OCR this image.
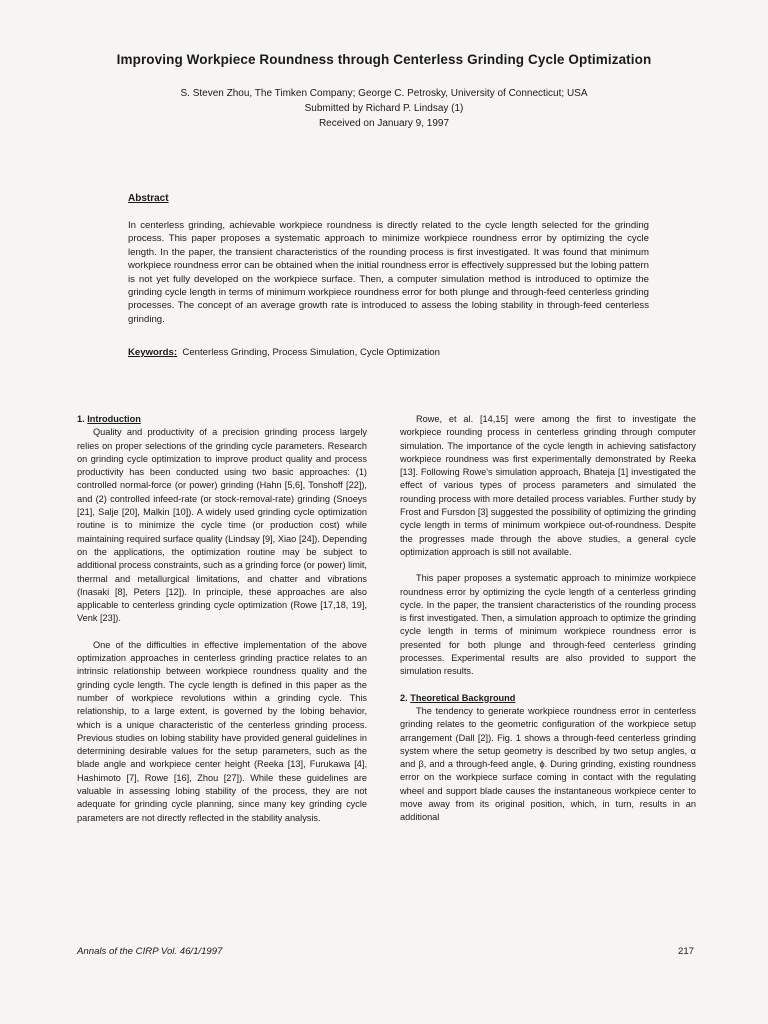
Improving Workpiece Roundness through Centerless Grinding Cycle Optimization
S. Steven Zhou, The Timken Company; George C. Petrosky, University of Connecticut; USA
Submitted by Richard P. Lindsay (1)
Received on January 9, 1997
Abstract
In centerless grinding, achievable workpiece roundness is directly related to the cycle length selected for the grinding process. This paper proposes a systematic approach to minimize workpiece roundness error by optimizing the cycle length. In the paper, the transient characteristics of the rounding process is first investigated. It was found that minimum workpiece roundness error can be obtained when the initial roundness error is effectively suppressed but the lobing pattern is not yet fully developed on the workpiece surface. Then, a computer simulation method is introduced to optimize the grinding cycle length in terms of minimum workpiece roundness error for both plunge and through-feed centerless grinding processes. The concept of an average growth rate is introduced to assess the lobing stability in through-feed centerless grinding.
Keywords: Centerless Grinding, Process Simulation, Cycle Optimization

1. Introduction

Quality and productivity of a precision grinding process largely relies on proper selections of the grinding cycle parameters. Research on grinding cycle optimization to improve product quality and process productivity has been conducted using two basic approaches: (1) controlled normal-force (or power) grinding (Hahn [5,6], Tonshoff [22]), and (2) controlled infeed-rate (or stock-removal-rate) grinding (Snoeys [21], Salje [20], Malkin [10]). A widely used grinding cycle optimization routine is to minimize the cycle time (or production cost) while maintaining required surface quality (Lindsay [9], Xiao [24]). Depending on the applications, the optimization routine may be subject to additional process constraints, such as a grinding force (or power) limit, thermal and metallurgical limitations, and chatter and vibrations (Inasaki [8], Peters [12]). In principle, these approaches are also applicable to centerless grinding cycle optimization (Rowe [17,18, 19], Venk [23]).

One of the difficulties in effective implementation of the above optimization approaches in centerless grinding practice relates to an intrinsic relationship between workpiece roundness quality and the grinding cycle length. The cycle length is defined in this paper as the number of workpiece revolutions within a grinding cycle. This relationship, to a large extent, is governed by the lobing behavior, which is a unique characteristic of the centerless grinding process. Previous studies on lobing stability have provided general guidelines in determining desirable values for the setup parameters, such as the blade angle and workpiece center height (Reeka [13], Furukawa [4], Hashimoto [7], Rowe [16], Zhou [27]). While these guidelines are valuable in assessing lobing stability of the process, they are not adequate for grinding cycle planning, since many key grinding cycle parameters are not directly reflected in the stability analysis.

Rowe, et al. [14,15] were among the first to investigate the workpiece rounding process in centerless grinding through computer simulation. The importance of the cycle length in achieving satisfactory workpiece roundness was first experimentally demonstrated by Reeka [13]. Following Rowe's simulation approach, Bhateja [1] investigated the effect of various types of process parameters and simulated the rounding process with more detailed process variables. Further study by Frost and Fursdon [3] suggested the possibility of optimizing the grinding cycle length in terms of minimum workpiece out-of-roundness. Despite the progresses made through the above studies, a general cycle optimization approach is still not available.

This paper proposes a systematic approach to minimize workpiece roundness error by optimizing the cycle length of a centerless grinding cycle. In the paper, the transient characteristics of the rounding process is first investigated. Then, a simulation approach to optimize the grinding cycle length in terms of minimum workpiece roundness error is presented for both plunge and through-feed centerless grinding processes. Experimental results are also provided to support the simulation results.

2. Theoretical Background

The tendency to generate workpiece roundness error in centerless grinding relates to the geometric configuration of the workpiece setup arrangement (Dall [2]). Fig. 1 shows a through-feed centerless grinding system where the setup geometry is described by two setup angles, α and β, and a through-feed angle, ϕ. During grinding, existing roundness error on the workpiece surface coming in contact with the regulating wheel and support blade causes the instantaneous workpiece center to move away from its original position, which, in turn, results in an additional

Annals of the CIRP Vol. 46/1/1997	217
